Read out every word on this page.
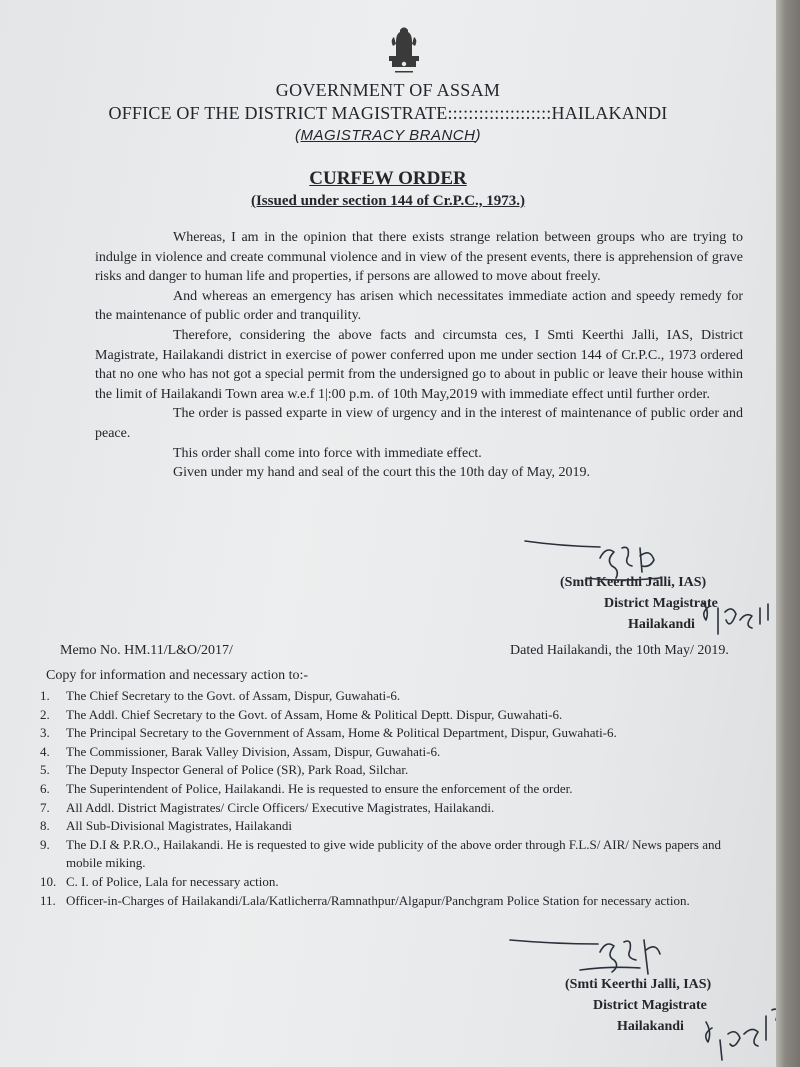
GOVERNMENT OF ASSAM
OFFICE OF THE DISTRICT MAGISTRATE::::::::::::::::::::HAILAKANDI
(MAGISTRACY BRANCH)
CURFEW ORDER
(Issued under section 144 of Cr.P.C., 1973.)

Whereas, I am in the opinion that there exists strange relation between groups who are trying to indulge in violence and create communal violence and in view of the present events, there is apprehension of grave risks and danger to human life and properties, if persons are allowed to move about freely.

And whereas an emergency has arisen which necessitates immediate action and speedy remedy for the maintenance of public order and tranquility.

Therefore, considering the above facts and circumsta ces, I Smti Keerthi Jalli, IAS, District Magistrate, Hailakandi district in exercise of power conferred upon me under section 144 of Cr.P.C., 1973 ordered that no one who has not got a special permit from the undersigned go to about in public or leave their house within the limit of Hailakandi Town area w.e.f 1|:00 p.m. of 10th May,2019 with immediate effect until further order.

The order is passed exparte in view of urgency and in the interest of maintenance of public order and peace.

This order shall come into force with immediate effect.

Given under my hand and seal of the court this the 10th day of May, 2019.

(Smti Keerthi Jalli, IAS)
District Magistrate
Hailakandi
Memo No. HM.11/L&O/2017/	Dated Hailakandi, the 10th May/ 2019.
Copy for information and necessary action to:-
1. The Chief Secretary to the Govt. of Assam, Dispur, Guwahati-6.
2. The Addl. Chief Secretary to the Govt. of Assam, Home & Political Deptt. Dispur, Guwahati-6.
3. The Principal Secretary to the Government of Assam, Home & Political Department, Dispur, Guwahati-6.
4. The Commissioner, Barak Valley Division, Assam, Dispur, Guwahati-6.
5. The Deputy Inspector General of Police (SR), Park Road, Silchar.
6. The Superintendent of Police, Hailakandi. He is requested to ensure the enforcement of the order.
7. All Addl. District Magistrates/ Circle Officers/ Executive Magistrates, Hailakandi.
8. All Sub-Divisional Magistrates, Hailakandi
9. The D.I & P.R.O., Hailakandi. He is requested to give wide publicity of the above order through F.L.S/ AIR/ News papers and mobile miking.
10. C. I. of Police, Lala for necessary action.
11. Officer-in-Charges of Hailakandi/Lala/Katlicherra/Ramnathpur/Algapur/Panchgram Police Station for necessary action.
(Smti Keerthi Jalli, IAS)
District Magistrate
Hailakandi
